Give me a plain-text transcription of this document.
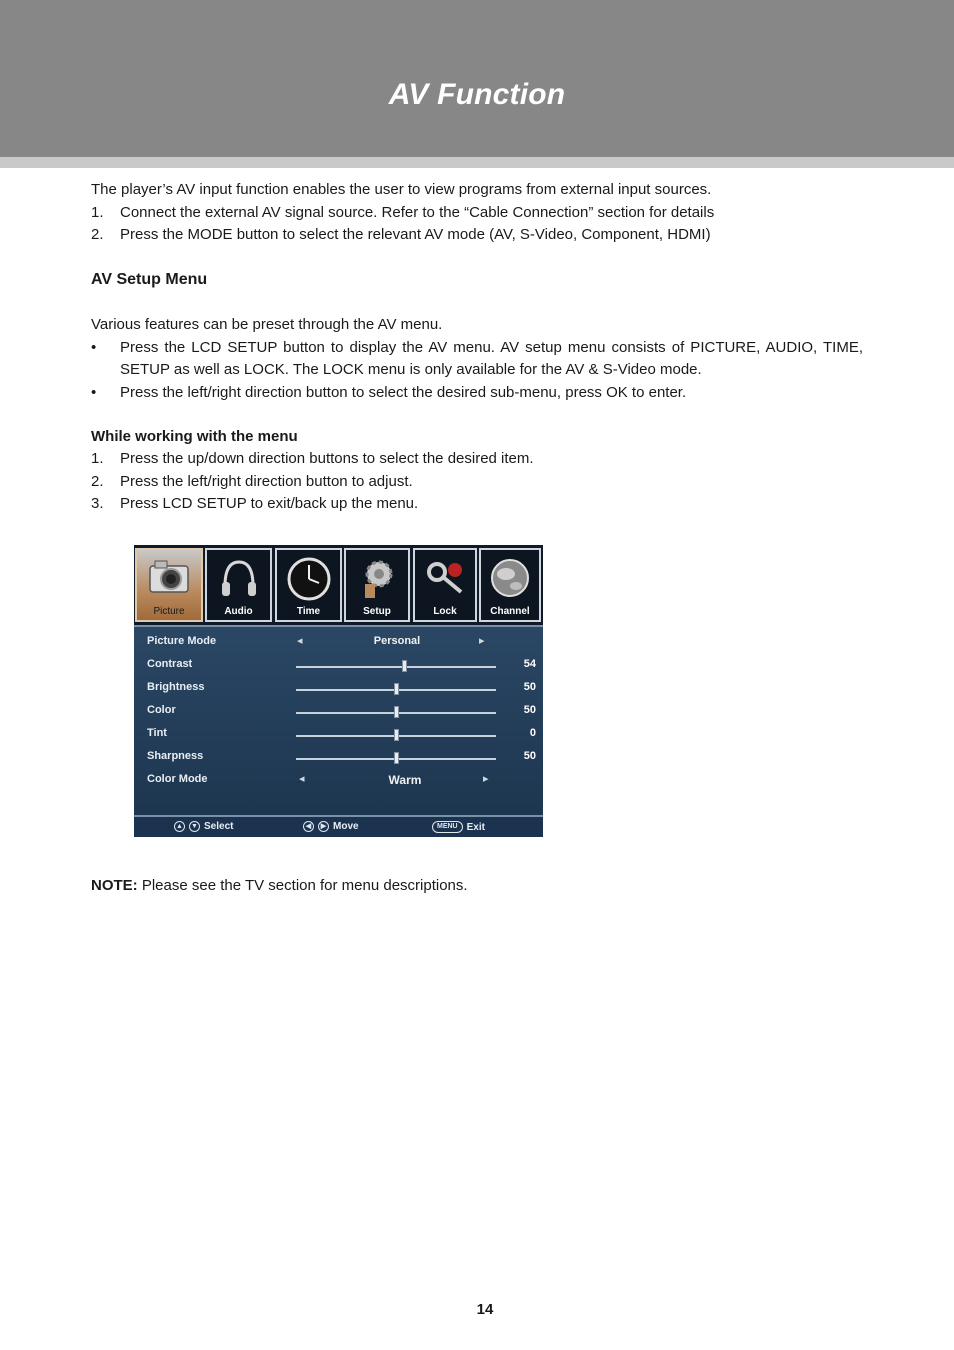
AV Function
The player’s AV input function enables the user to view programs from external input sources.
1.	Connect the external AV signal source. Refer to the “Cable Connection” section for details
2.	Press the MODE button to select the relevant AV mode (AV, S-Video, Component, HDMI)
AV Setup Menu
Various features can be preset through the AV menu.
•	Press the LCD SETUP button to display the AV menu. AV setup menu consists of PICTURE, AUDIO, TIME, SETUP as well as LOCK. The LOCK menu is only available for the AV & S-Video mode.
•	Press the left/right direction button to select the desired sub-menu, press OK to enter.
While working with the menu
1.	Press the up/down direction buttons to select the desired item.
2.	Press the left/right direction button to adjust.
3.	Press LCD SETUP to exit/back up the menu.
Picture	Audio	Time	Setup	Lock	Channel
Picture Mode	◂	Personal	▸
Contrast	54
Brightness	50
Color	50
Tint	0
Sharpness	50
Color Mode	◂	Warm	▸
▲ ▼ Select	◀	▶ Move	MENU Exit
NOTE: Please see the TV section for menu descriptions.
14
